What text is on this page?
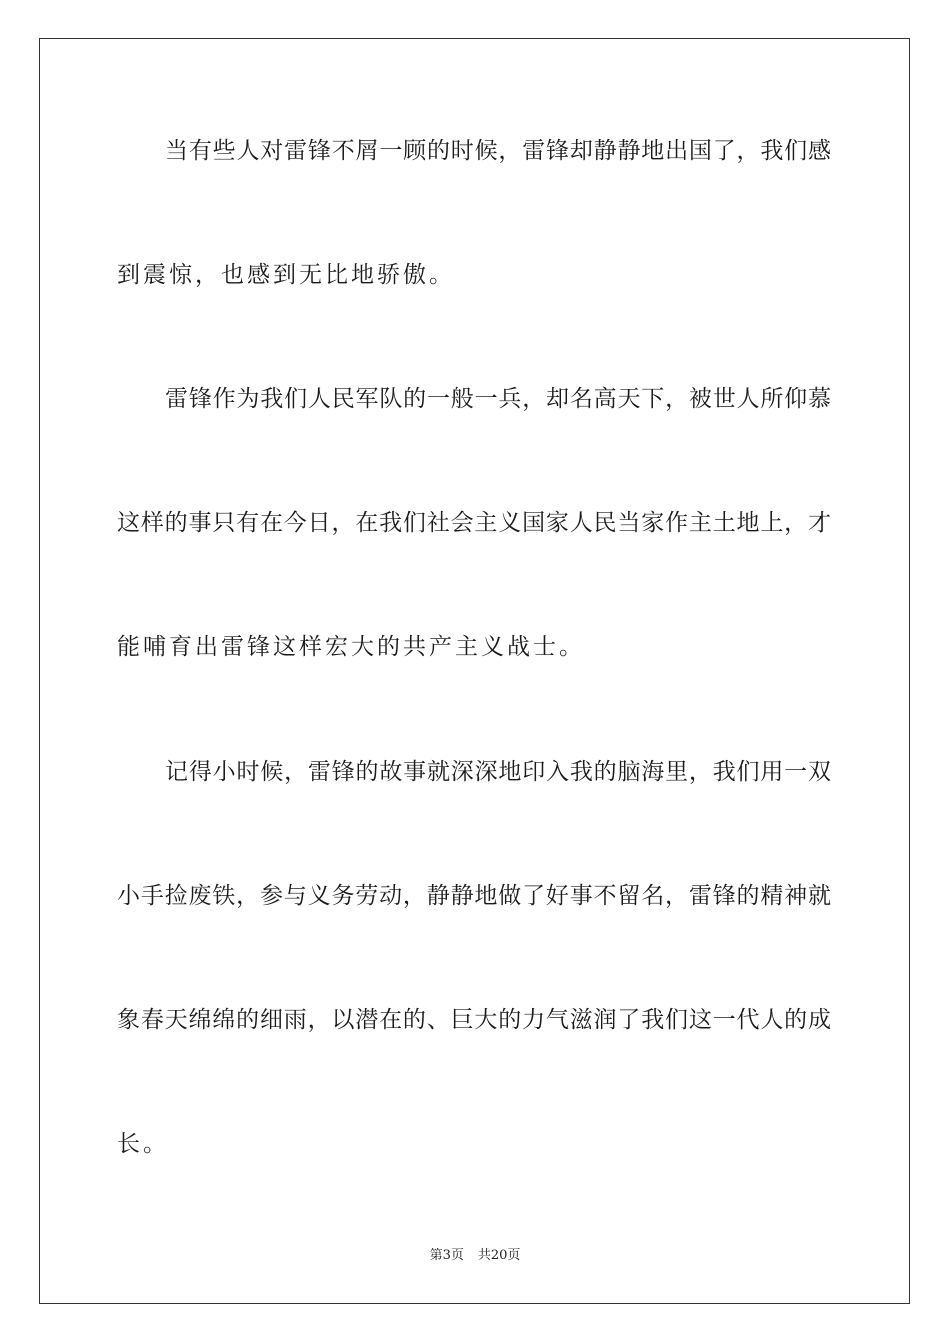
当有些人对雷锋不屑一顾的时候，雷锋却静静地出国了，我们感
到震惊，也感到无比地骄傲。
雷锋作为我们人民军队的一般一兵，却名高天下，被世人所仰慕
这样的事只有在今日，在我们社会主义国家人民当家作主土地上，才
能哺育出雷锋这样宏大的共产主义战士。
记得小时候，雷锋的故事就深深地印入我的脑海里，我们用一双
小手捡废铁，参与义务劳动，静静地做了好事不留名，雷锋的精神就
象春天绵绵的细雨，以潜在的、巨大的力气滋润了我们这一代人的成
长。
第3页 共20页
